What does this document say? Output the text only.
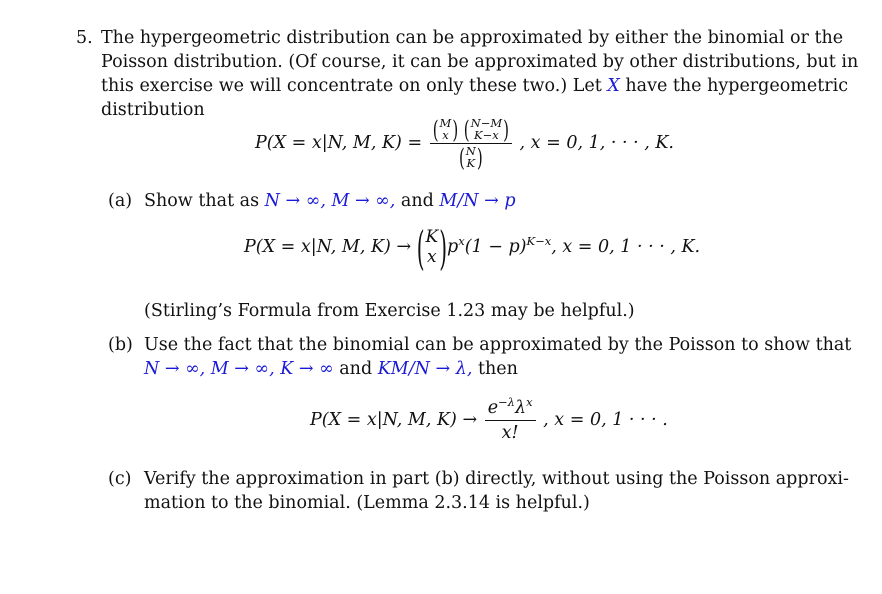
5. The hypergeometric distribution can be approximated by either the binomial or the
Poisson distribution. (Of course, it can be approximated by other distributions, but in
this exercise we will concentrate on only these two.) Let X have the hypergeometric
distribution
P(X = x|N, M, K) = ( M
x )
( N−M
K−x )
( N
K )
, x = 0, 1, · · · , K.
(a) Show that as N → ∞, M → ∞, and M/N → p
P(X = x|N, M, K) → ( K
x ) $p^x(1 - p)^{K-x}$, x = 0, 1 · · · , K.
(Stirling’s Formula from Exercise 1.23 may be helpful.)
(b) Use the fact that the binomial can be approximated by the Poisson to show that
N → ∞, M → ∞, K → ∞ and KM/N → λ, then
P(X = x|N, M, $K) \to \frac{e^{-\lambda}\lambda^x}{x!}$ , x = 0, 1 · · · .
(c) Verify the approximation in part (b) directly, without using the Poisson approxi-
mation to the binomial. (Lemma 2.3.14 is helpful.)
